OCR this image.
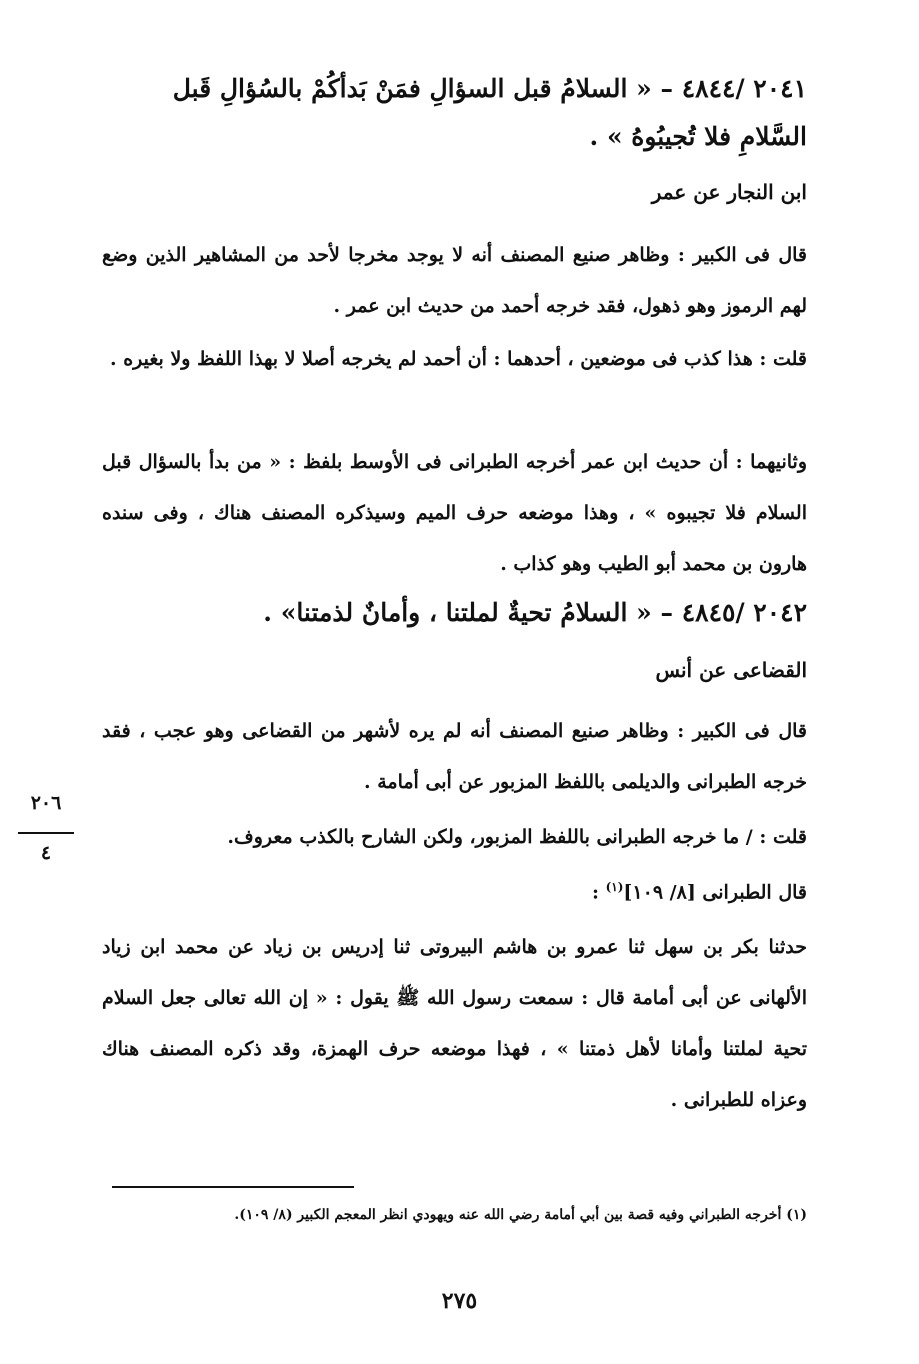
٢٠٤١ /٤٨٤٤ – « السلامُ قبل السؤالِ فمَنْ بَدأكُمْ بالسُؤالِ قَبل
السَّلامِ فلا تُجيبُوهُ » .
ابن النجار عن عمر
قال فى الكبير : وظاهر صنيع المصنف أنه لا يوجد مخرجا لأحد من المشاهير الذين وضع لهم الرموز وهو ذهول، فقد خرجه أحمد من حديث ابن عمر .
قلت : هذا كذب فى موضعين ، أحدهما : أن أحمد لم يخرجه أصلا لا بهذا اللفظ ولا بغيره .
وثانيهما : أن حديث ابن عمر أخرجه الطبرانى فى الأوسط بلفظ : « من بدأ بالسؤال قبل السلام فلا تجيبوه » ، وهذا موضعه حرف الميم وسيذكره المصنف هناك ، وفى سنده هارون بن محمد أبو الطيب وهو كذاب .
٢٠٤٢ /٤٨٤٥ – « السلامُ تحيةٌ لملتنا ، وأمانٌ لذمتنا» .
القضاعى عن أنس
قال فى الكبير : وظاهر صنيع المصنف أنه لم يره لأشهر من القضاعى وهو عجب ، فقد خرجه الطبرانى والديلمى باللفظ المزبور عن أبى أمامة .
قلت : / ما خرجه الطبرانى باللفظ المزبور، ولكن الشارح بالكذب معروف.
قال الطبرانى [٨/ ١٠٩]$^{(١)}$ :
حدثنا بكر بن سهل ثنا عمرو بن هاشم البيروتى ثنا إدريس بن زياد عن محمد ابن زياد الألهانى عن أبى أمامة قال : سمعت رسول الله ﷺ يقول : « إن الله تعالى جعل السلام تحية لملتنا وأمانا لأهل ذمتنا » ، فهذا موضعه حرف الهمزة، وقد ذكره المصنف هناك وعزاه للطبرانى .
(١) أخرجه الطبراني وفيه قصة بين أبي أمامة رضي الله عنه ويهودي انظر المعجم الكبير (٨/ ١٠٩).
٢٠٦
٤
٢٧٥
